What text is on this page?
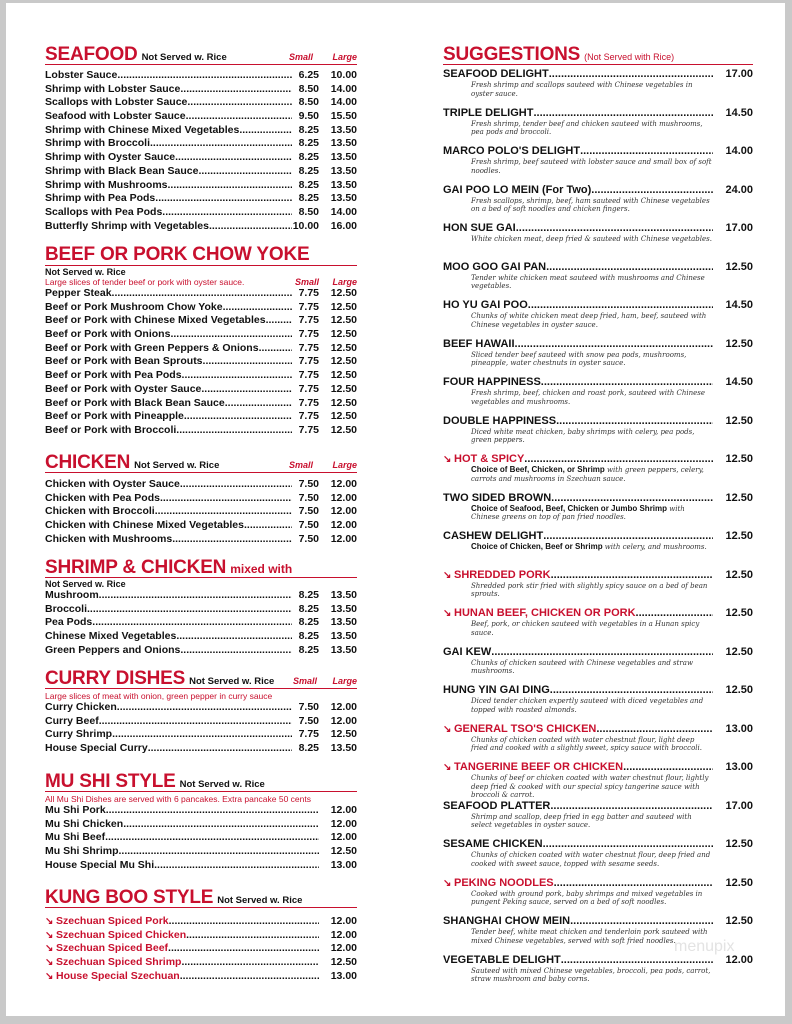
SEAFOOD Not Served w. Rice	Small	Large
Lobster Sauce .....	6.25	10.00
Shrimp with Lobster Sauce .....	8.50	14.00
Scallops with Lobster Sauce .....	8.50	14.00
Seafood with Lobster Sauce .....	9.50	15.50
Shrimp with Chinese Mixed Vegetables .....	8.25	13.50
Shrimp with Broccoli .....	8.25	13.50
Shrimp with Oyster Sauce .....	8.25	13.50
Shrimp with Black Bean Sauce .....	8.25	13.50
Shrimp with Mushrooms .....	8.25	13.50
Shrimp with Pea Pods .....	8.25	13.50
Scallops with Pea Pods .....	8.50	14.00
Butterfly Shrimp with Vegetables .....	10.00	16.00
BEEF OR PORK CHOW YOKE
Not Served w. Rice
Large slices of tender beef or pork with oyster sauce.	Small	Large
Pepper Steak .....	7.75	12.50
Beef or Pork Mushroom Chow Yoke .....	7.75	12.50
Beef or Pork with Chinese Mixed Vegetables .....	7.75	12.50
Beef or Pork with Onions .....	7.75	12.50
Beef or Pork with Green Peppers & Onions .....	7.75	12.50
Beef or Pork with Bean Sprouts .....	7.75	12.50
Beef or Pork with Pea Pods .....	7.75	12.50
Beef or Pork with Oyster Sauce .....	7.75	12.50
Beef or Pork with Black Bean Sauce .....	7.75	12.50
Beef or Pork with Pineapple .....	7.75	12.50
Beef or Pork with Broccoli .....	7.75	12.50
CHICKEN Not Served w. Rice	Small	Large
Chicken with Oyster Sauce .....	7.50	12.00
Chicken with Pea Pods .....	7.50	12.00
Chicken with Broccoli .....	7.50	12.00
Chicken with Chinese Mixed Vegetables .....	7.50	12.00
Chicken with Mushrooms .....	7.50	12.00
SHRIMP & CHICKEN mixed with
Not Served w. Rice
Mushroom .....	8.25	13.50
Broccoli .....	8.25	13.50
Pea Pods .....	8.25	13.50
Chinese Mixed Vegetables .....	8.25	13.50
Green Peppers and Onions .....	8.25	13.50
CURRY DISHES Not Served w. Rice Small	Large
Large slices of meat with onion, green pepper in curry sauce
Curry Chicken .....	7.50	12.00
Curry Beef .....	7.50	12.00
Curry Shrimp .....	7.75	12.50
House Special Curry .....	8.25	13.50
MU SHI STYLE Not Served w. Rice
All Mu Shi Dishes are served with 6 pancakes. Extra pancake 50 cents
Mu Shi Pork .....	12.00
Mu Shi Chicken .....	12.00
Mu Shi Beef .....	12.00
Mu Shi Shrimp .....	12.50
House Special Mu Shi .....	13.00
KUNG BOO STYLE Not Served w. Rice
↘ Szechuan Spiced Pork .....	12.00
↘ Szechuan Spiced Chicken .....	12.00
↘ Szechuan Spiced Beef .....	12.00
↘ Szechuan Spiced Shrimp .....	12.50
↘ House Special Szechuan .....	13.00
SUGGESTIONS (Not Served with Rice)
SEAFOOD DELIGHT .....	17.00
Fresh shrimp and scallops sauteed with Chinese vegetables in oyster sauce.
TRIPLE DELIGHT .....	14.50
Fresh shrimp, tender beef and chicken sauteed with mushrooms, pea pods and broccoli.
MARCO POLO'S DELIGHT .....	14.00
Fresh shrimp, beef sauteed with lobster sauce and small box of soft noodles.
GAI POO LO MEIN (For Two) .....	24.00
Fresh scallops, shrimp, beef, ham sauteed with Chinese vegetables on a bed of soft noodles and chicken fingers.
HON SUE GAI .....	17.00
White chicken meat, deep fried & sauteed with Chinese vegetables.
MOO GOO GAI PAN .....	12.50
Tender white chicken meat sauteed with mushrooms and Chinese vegetables.
HO YU GAI POO .....	14.50
Chunks of white chicken meat deep fried, ham, beef, sauteed with Chinese vegetables in oyster sauce.
BEEF HAWAII .....	12.50
Sliced tender beef sauteed with snow pea pods, mushrooms, pineapple, water chestnuts in oyster sauce.
FOUR HAPPINESS .....	14.50
Fresh shrimp, beef, chicken and roast pork, sauteed with Chinese vegetables and mushrooms.
DOUBLE HAPPINESS .....	12.50
Diced white meat chicken, baby shrimps with celery, pea pods, green peppers.
↘ HOT & SPICY .....	12.50
Choice of Beef, Chicken, or Shrimp with green peppers, celery, carrots and mushrooms in Szechuan sauce.
TWO SIDED BROWN .....	12.50
Choice of Seafood, Beef, Chicken or Jumbo Shrimp with Chinese greens on top of pan fried noodles.
CASHEW DELIGHT .....	12.50
Choice of Chicken, Beef or Shrimp with celery, and mushrooms.
↘ SHREDDED PORK .....	12.50
Shredded pork stir fried with slightly spicy sauce on a bed of bean sprouts.
↘ HUNAN BEEF, CHICKEN OR PORK .....	12.50
Beef, pork, or chicken sauteed with vegetables in a Hunan spicy sauce.
GAI KEW .....	12.50
Chunks of chicken sauteed with Chinese vegetables and straw mushrooms.
HUNG YIN GAI DING .....	12.50
Diced tender chicken expertly sauteed with diced vegetables and topped with roasted almonds.
↘ GENERAL TSO'S CHICKEN .....	13.00
Chunks of chicken coated with water chestnut flour, light deep fried and cooked with a slightly sweet, spicy sauce with broccoli.
↘ TANGERINE BEEF OR CHICKEN .....	13.00
Chunks of beef or chicken coated with water chestnut flour, lightly deep fried & cooked with our special spicy tangerine sauce with broccoli & carrot.
SEAFOOD PLATTER .....	17.00
Shrimp and scallop, deep fried in egg batter and sauteed with select vegetables in oyster sauce.
SESAME CHICKEN .....	12.50
Chunks of chicken coated with water chestnut flour, deep fried and cooked with sweet sauce, topped with sesame seeds.
↘ PEKING NOODLES .....	12.50
Cooked with ground pork, baby shrimps and mixed vegetables in pungent Peking sauce, served on a bed of soft noodles.
SHANGHAI CHOW MEIN .....	12.50
Tender beef, white meat chicken and tenderloin pork sauteed with mixed Chinese vegetables, served with soft fried noodles.
VEGETABLE DELIGHT .....	12.00
Sauteed with mixed Chinese vegetables, broccoli, pea pods, carrot, straw mushroom and baby corns.
menupix
